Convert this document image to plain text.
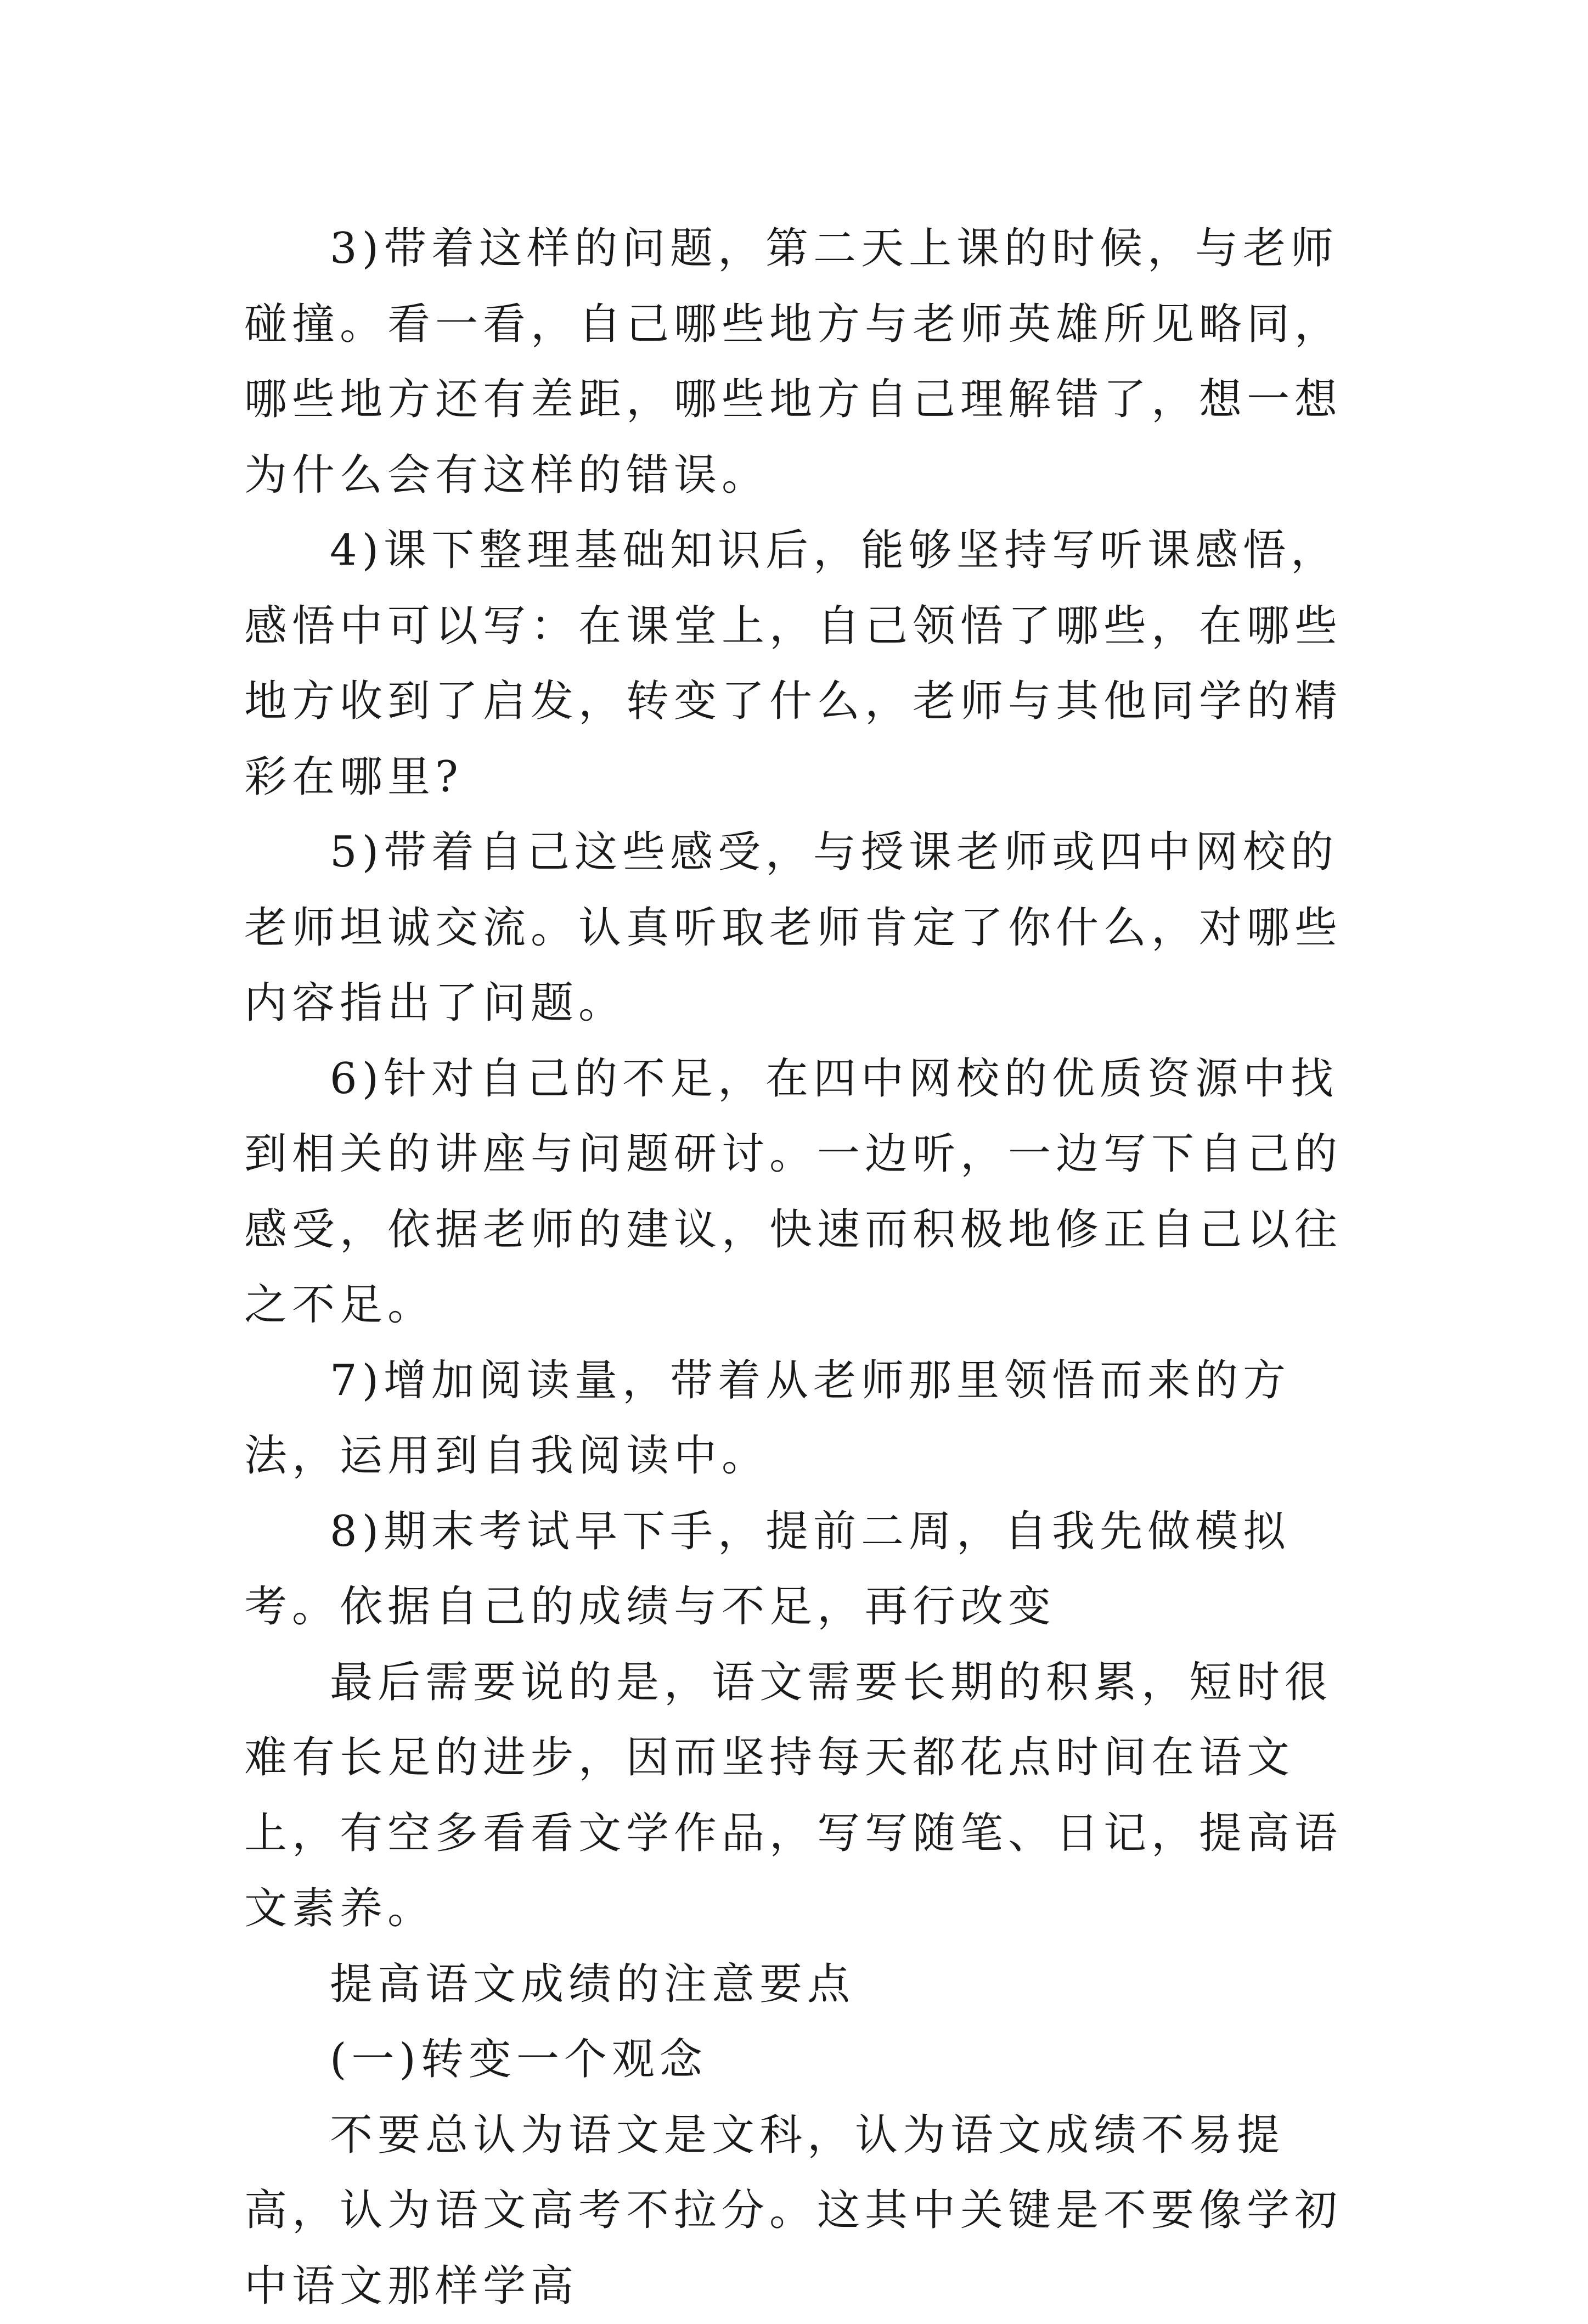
3)带着这样的问题，第二天上课的时候，与老师碰撞。看一看，自己哪些地方与老师英雄所见略同，哪些地方还有差距，哪些地方自己理解错了，想一想为什么会有这样的错误。

4)课下整理基础知识后，能够坚持写听课感悟，感悟中可以写：在课堂上，自己领悟了哪些，在哪些地方收到了启发，转变了什么，老师与其他同学的精彩在哪里?

5)带着自己这些感受，与授课老师或四中网校的老师坦诚交流。认真听取老师肯定了你什么，对哪些内容指出了问题。

6)针对自己的不足，在四中网校的优质资源中找到相关的讲座与问题研讨。一边听，一边写下自己的感受，依据老师的建议，快速而积极地修正自己以往之不足。

7)增加阅读量，带着从老师那里领悟而来的方法，运用到自我阅读中。

8)期末考试早下手，提前二周，自我先做模拟考。依据自己的成绩与不足，再行改变

最后需要说的是，语文需要长期的积累，短时很难有长足的进步，因而坚持每天都花点时间在语文上，有空多看看文学作品，写写随笔、日记，提高语文素养。

提高语文成绩的注意要点

(一)转变一个观念

不要总认为语文是文科，认为语文成绩不易提高，认为语文高考不拉分。这其中关键是不要像学初中语文那样学高
